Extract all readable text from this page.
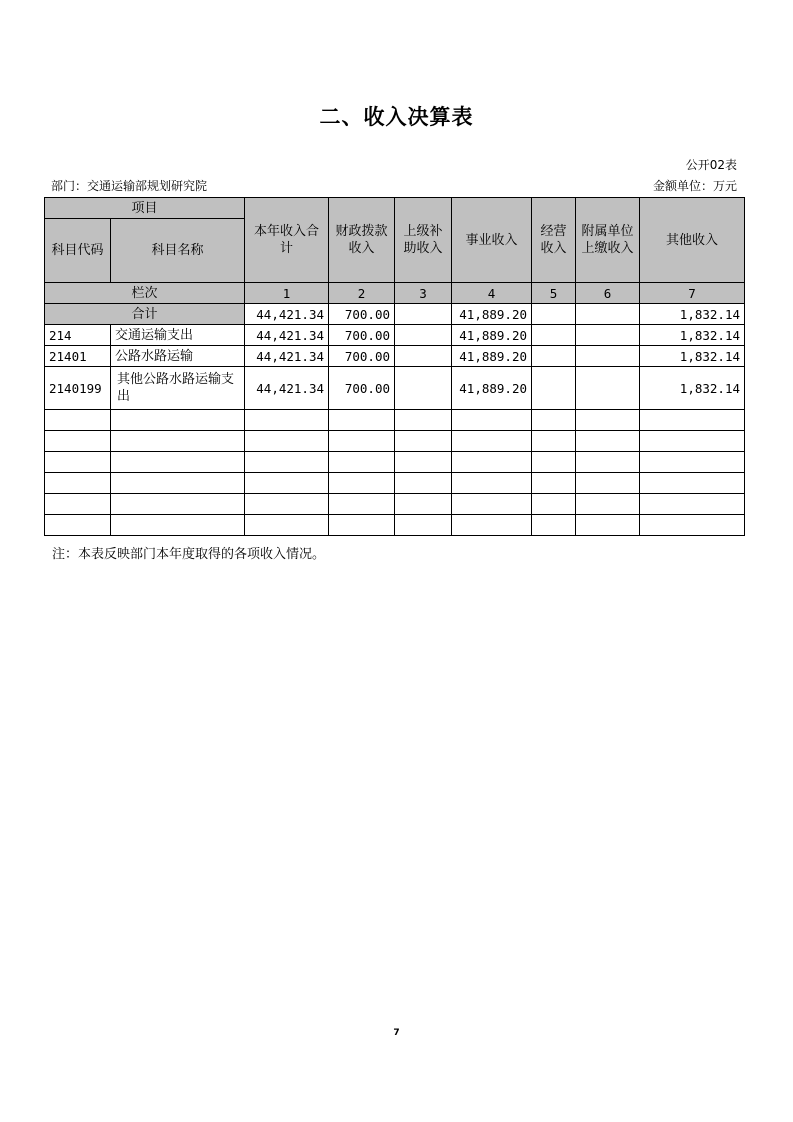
二、收入决算表
公开02表
部门：交通运输部规划研究院	金额单位：万元
项目		本年收入合计	财政拨款收入	上级补助收入	事业收入	经营收入	附属单位上缴收入	其他收入
科目代码	科目名称							
栏次		1	2	3	4	5	6	7
合计		44,421.34	700.00		41,889.20			1,832.14
214	交通运输支出	44,421.34	700.00		41,889.20			1,832.14
21401	公路水路运输	44,421.34	700.00		41,889.20			1,832.14
2140199	其他公路水路运输支出	44,421.34	700.00		41,889.20			1,832.14

注：本表反映部门本年度取得的各项收入情况。
7
